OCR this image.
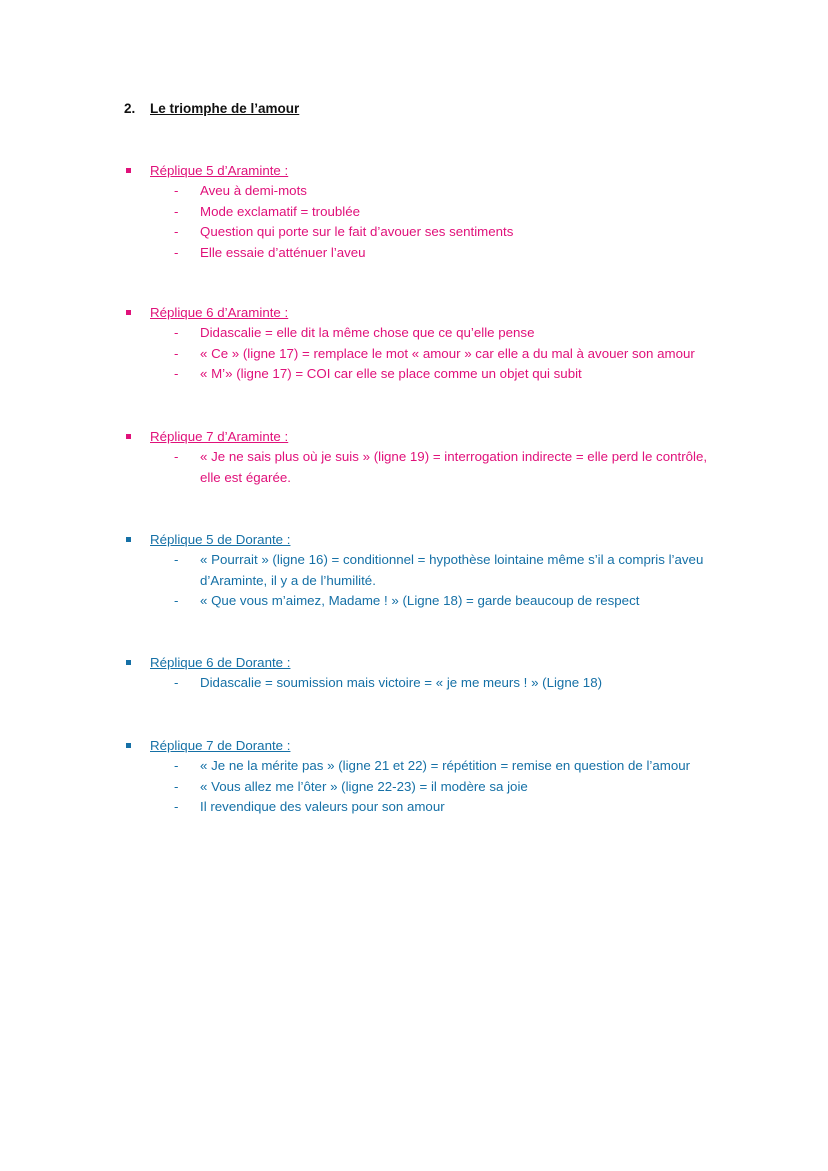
2. Le triomphe de l’amour
Réplique 5 d’Araminte :
- Aveu à demi-mots
- Mode exclamatif = troublée
- Question qui porte sur le fait d’avouer ses sentiments
- Elle essaie d’atténuer l’aveu
Réplique 6 d’Araminte :
- Didascalie = elle dit la même chose que ce qu’elle pense
- « Ce » (ligne 17) = remplace le mot « amour » car elle a du mal à avouer son amour
- « M’» (ligne 17) = COI car elle se place comme un objet qui subit
Réplique 7 d’Araminte :
- « Je ne sais plus où je suis » (ligne 19) = interrogation indirecte = elle perd le contrôle, elle est égarée.
Réplique 5 de Dorante :
- « Pourrait » (ligne 16) = conditionnel = hypothèse lointaine même s’il a compris l’aveu d’Araminte, il y a de l’humilité.
- « Que vous m’aimez, Madame ! » (Ligne 18) = garde beaucoup de respect
Réplique 6 de Dorante :
- Didascalie = soumission mais victoire = « je me meurs ! » (Ligne 18)
Réplique 7 de Dorante :
- « Je ne la mérite pas » (ligne 21 et 22) = répétition = remise en question de l’amour
- « Vous allez me l’ôter » (ligne 22-23) = il modère sa joie
- Il revendique des valeurs pour son amour
